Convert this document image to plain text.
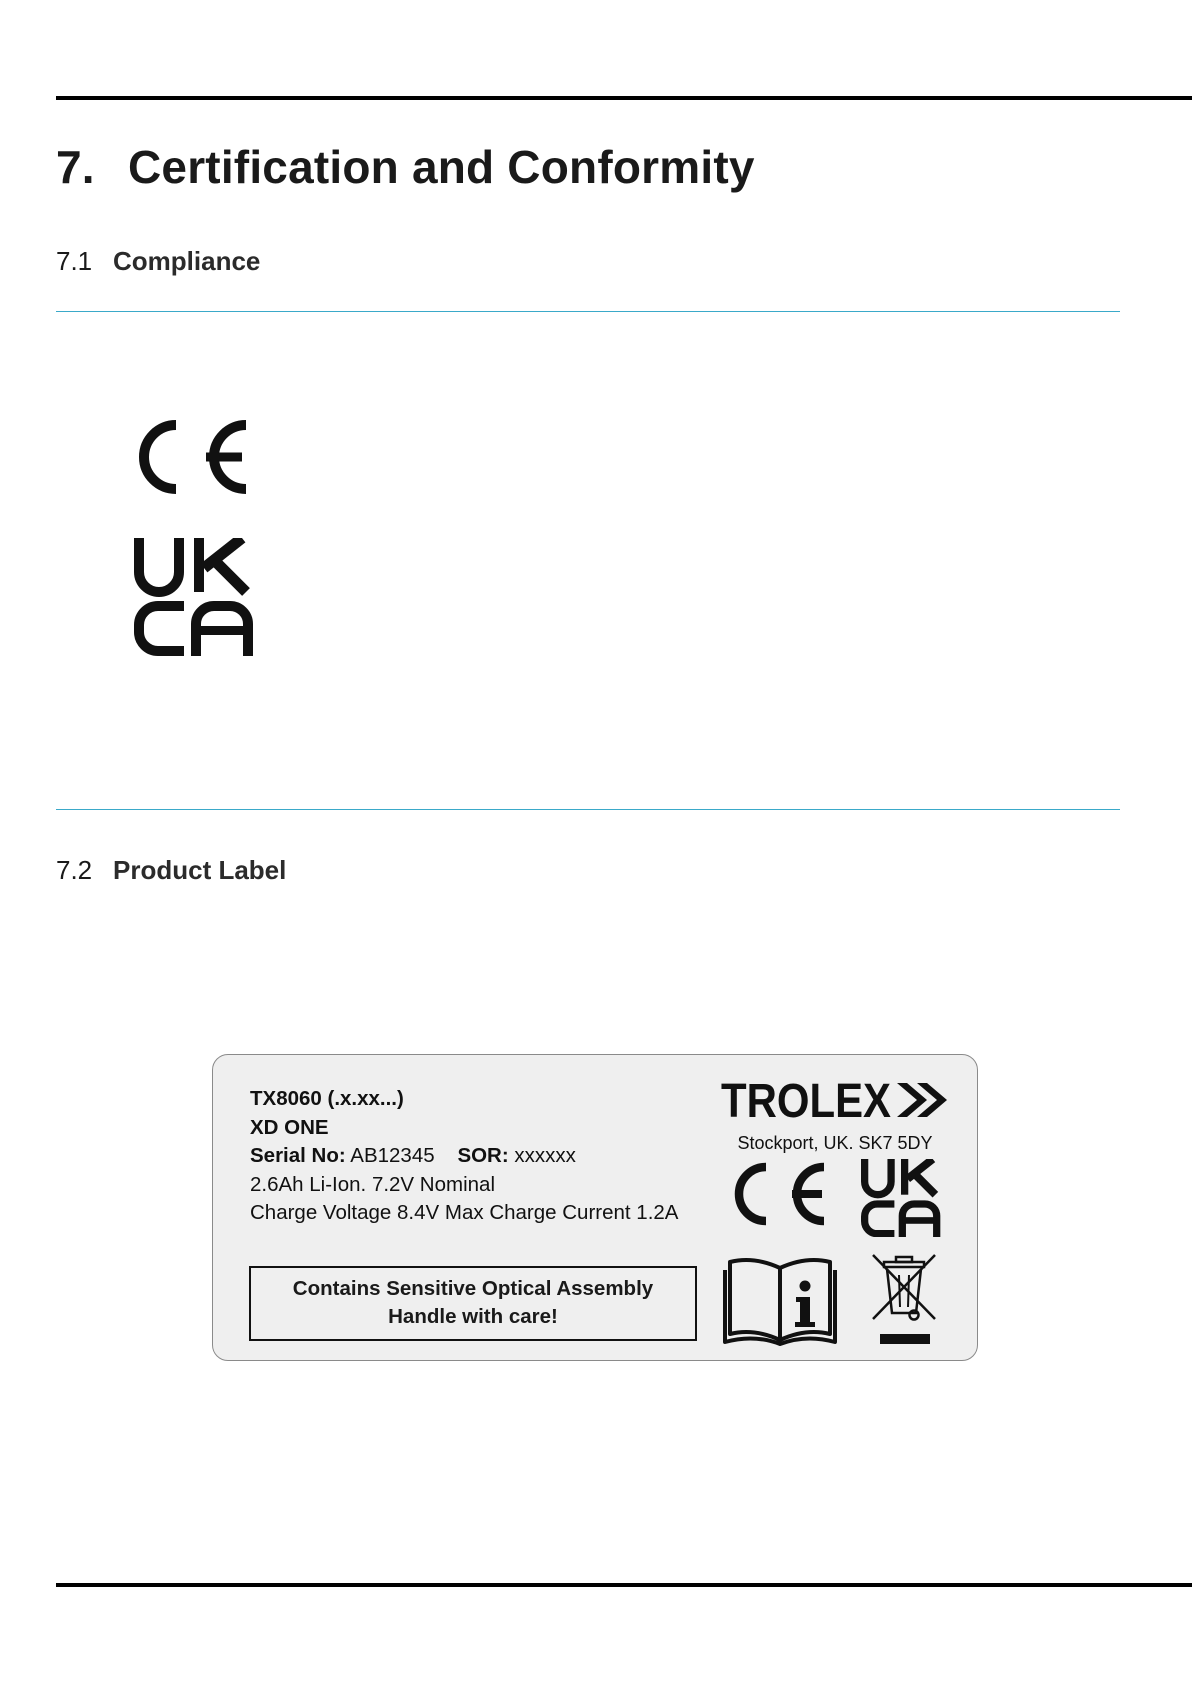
7. Certification and Conformity
7.1 Compliance
7.2 Product Label
TX8060 (.x.xx...)
XD ONE
Serial No: AB12345 SOR: xxxxxx
2.6Ah Li-Ion. 7.2V Nominal
Charge Voltage 8.4V Max Charge Current 1.2A
Contains Sensitive Optical Assembly
Handle with care!
TROLEX
Stockport, UK. SK7 5DY
